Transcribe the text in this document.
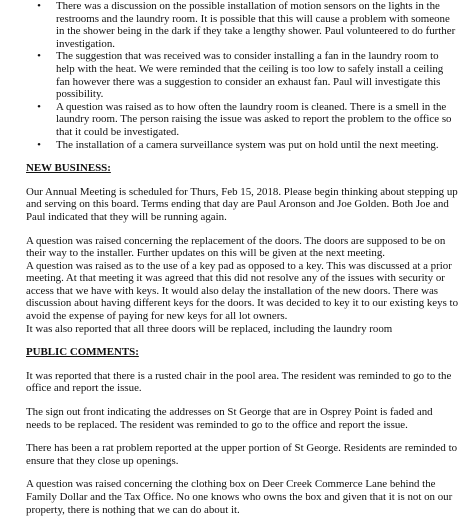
• There was a discussion on the possible installation of motion sensors on the lights in the restrooms and the laundry room. It is possible that this will cause a problem with someone in the shower being in the dark if they take a lengthy shower. Paul volunteered to do further investigation.
• The suggestion that was received was to consider installing a fan in the laundry room to help with the heat. We were reminded that the ceiling is too low to safely install a ceiling fan however there was a suggestion to consider an exhaust fan. Paul will investigate this possibility.
• A question was raised as to how often the laundry room is cleaned. There is a smell in the laundry room. The person raising the issue was asked to report the problem to the office so that it could be investigated.
• The installation of a camera surveillance system was put on hold until the next meeting.
NEW BUSINESS:

Our Annual Meeting is scheduled for Thurs, Feb 15, 2018. Please begin thinking about stepping up and serving on this board. Terms ending that day are Paul Aronson and Joe Golden. Both Joe and Paul indicated that they will be running again.

A question was raised concerning the replacement of the doors. The doors are supposed to be on their way to the installer. Further updates on this will be given at the next meeting.

A question was raised as to the use of a key pad as opposed to a key. This was discussed at a prior meeting. At that meeting it was agreed that this did not resolve any of the issues with security or access that we have with keys. It would also delay the installation of the new doors. There was discussion about having different keys for the doors. It was decided to key it to our existing keys to avoid the expense of paying for new keys for all lot owners.

It was also reported that all three doors will be replaced, including the laundry room

PUBLIC COMMENTS:

It was reported that there is a rusted chair in the pool area. The resident was reminded to go to the office and report the issue.

The sign out front indicating the addresses on St George that are in Osprey Point is faded and needs to be replaced. The resident was reminded to go to the office and report the issue.

There has been a rat problem reported at the upper portion of St George. Residents are reminded to ensure that they close up openings.

A question was raised concerning the clothing box on Deer Creek Commerce Lane behind the Family Dollar and the Tax Office. No one knows who owns the box and given that it is not on our property, there is nothing that we can do about it.
